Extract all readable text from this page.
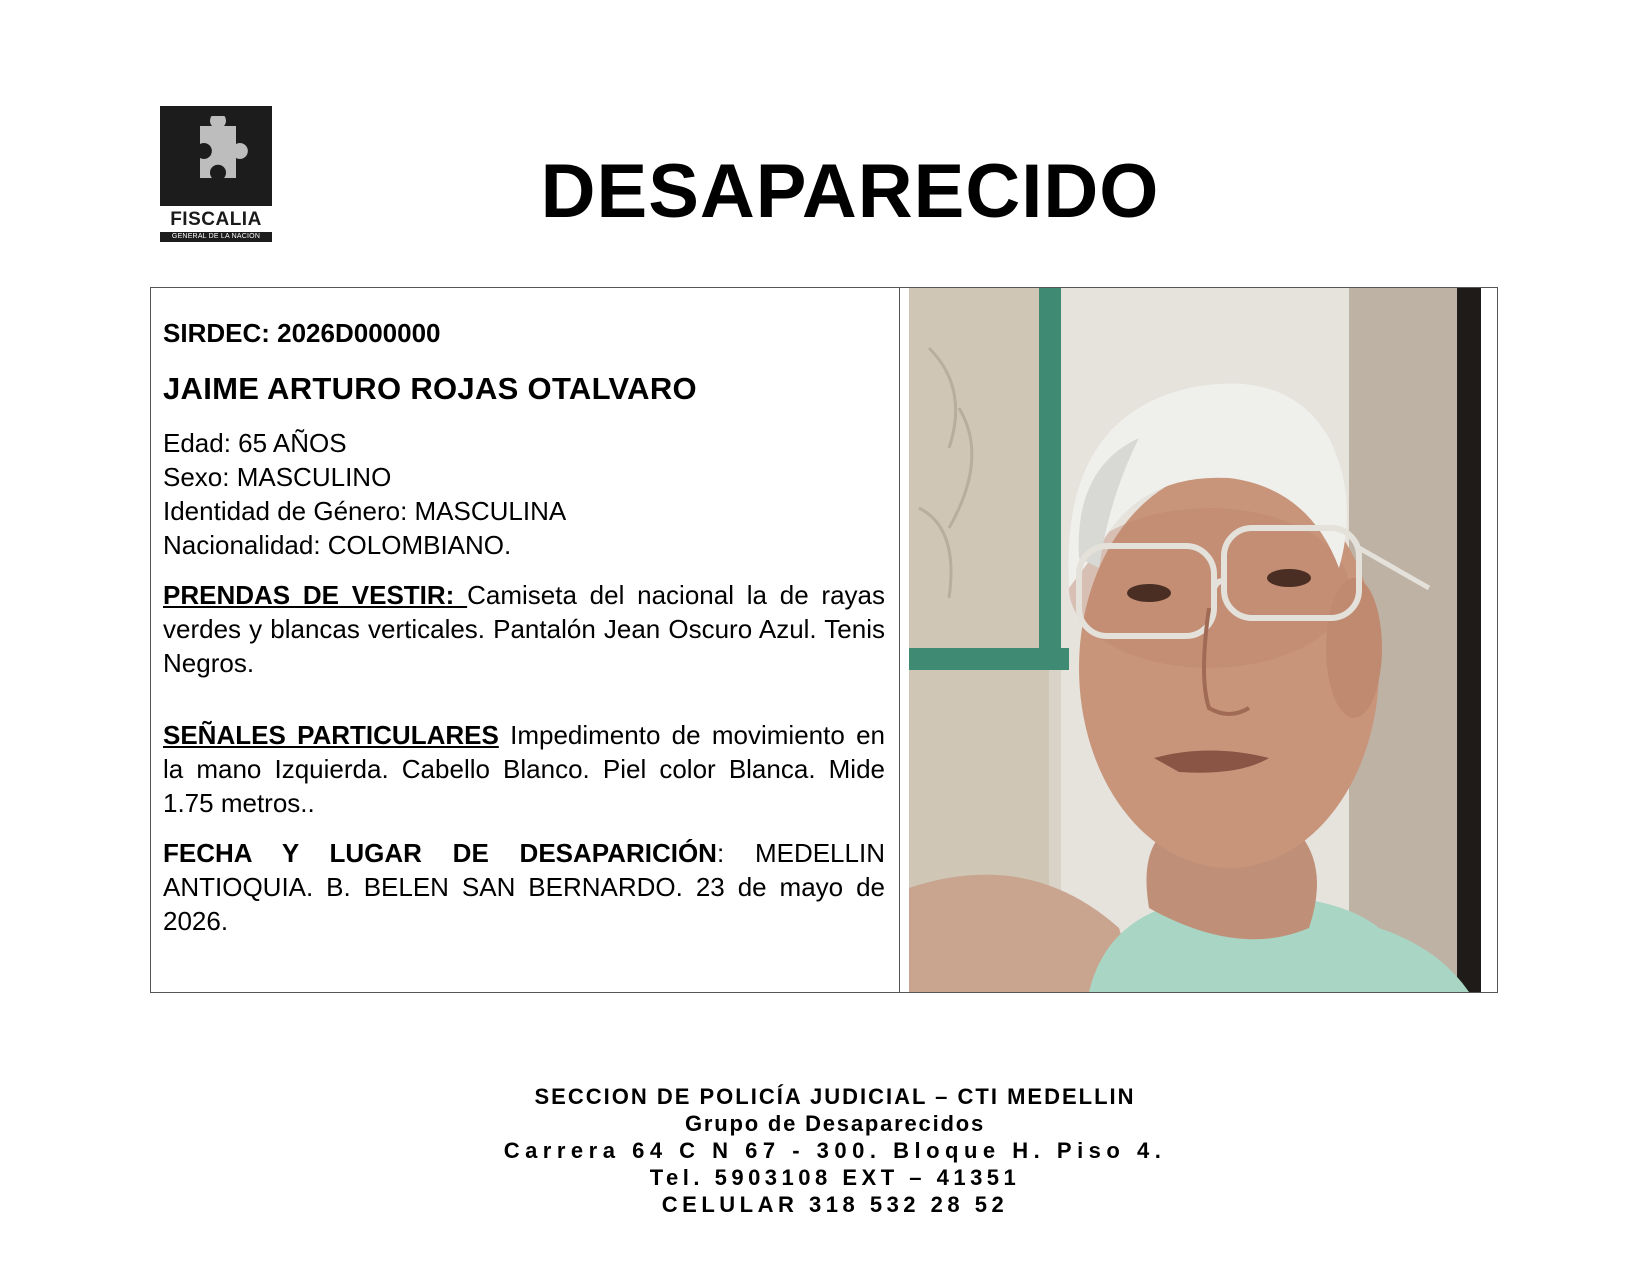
FISCALIA
GENERAL DE LA NACION
DESAPARECIDO
SIRDEC: 2026D000000
JAIME ARTURO ROJAS OTALVARO
Edad: 65 AÑOS
Sexo: MASCULINO
Identidad de Género: MASCULINA
Nacionalidad: COLOMBIANO.
PRENDAS DE VESTIR: Camiseta del nacional la de rayas verdes y blancas verticales. Pantalón Jean Oscuro Azul. Tenis Negros.
SEÑALES PARTICULARES Impedimento de movimiento en la mano Izquierda. Cabello Blanco. Piel color Blanca. Mide 1.75 metros..
FECHA Y LUGAR DE DESAPARICIÓN: MEDELLIN ANTIOQUIA. B. BELEN SAN BERNARDO. 23 de mayo de 2026.
SECCION DE POLICÍA JUDICIAL – CTI MEDELLIN
Grupo de Desaparecidos
Carrera 64 C N 67 - 300. Bloque H. Piso 4.
Tel. 5903108 EXT – 41351
CELULAR 318 532 28 52
